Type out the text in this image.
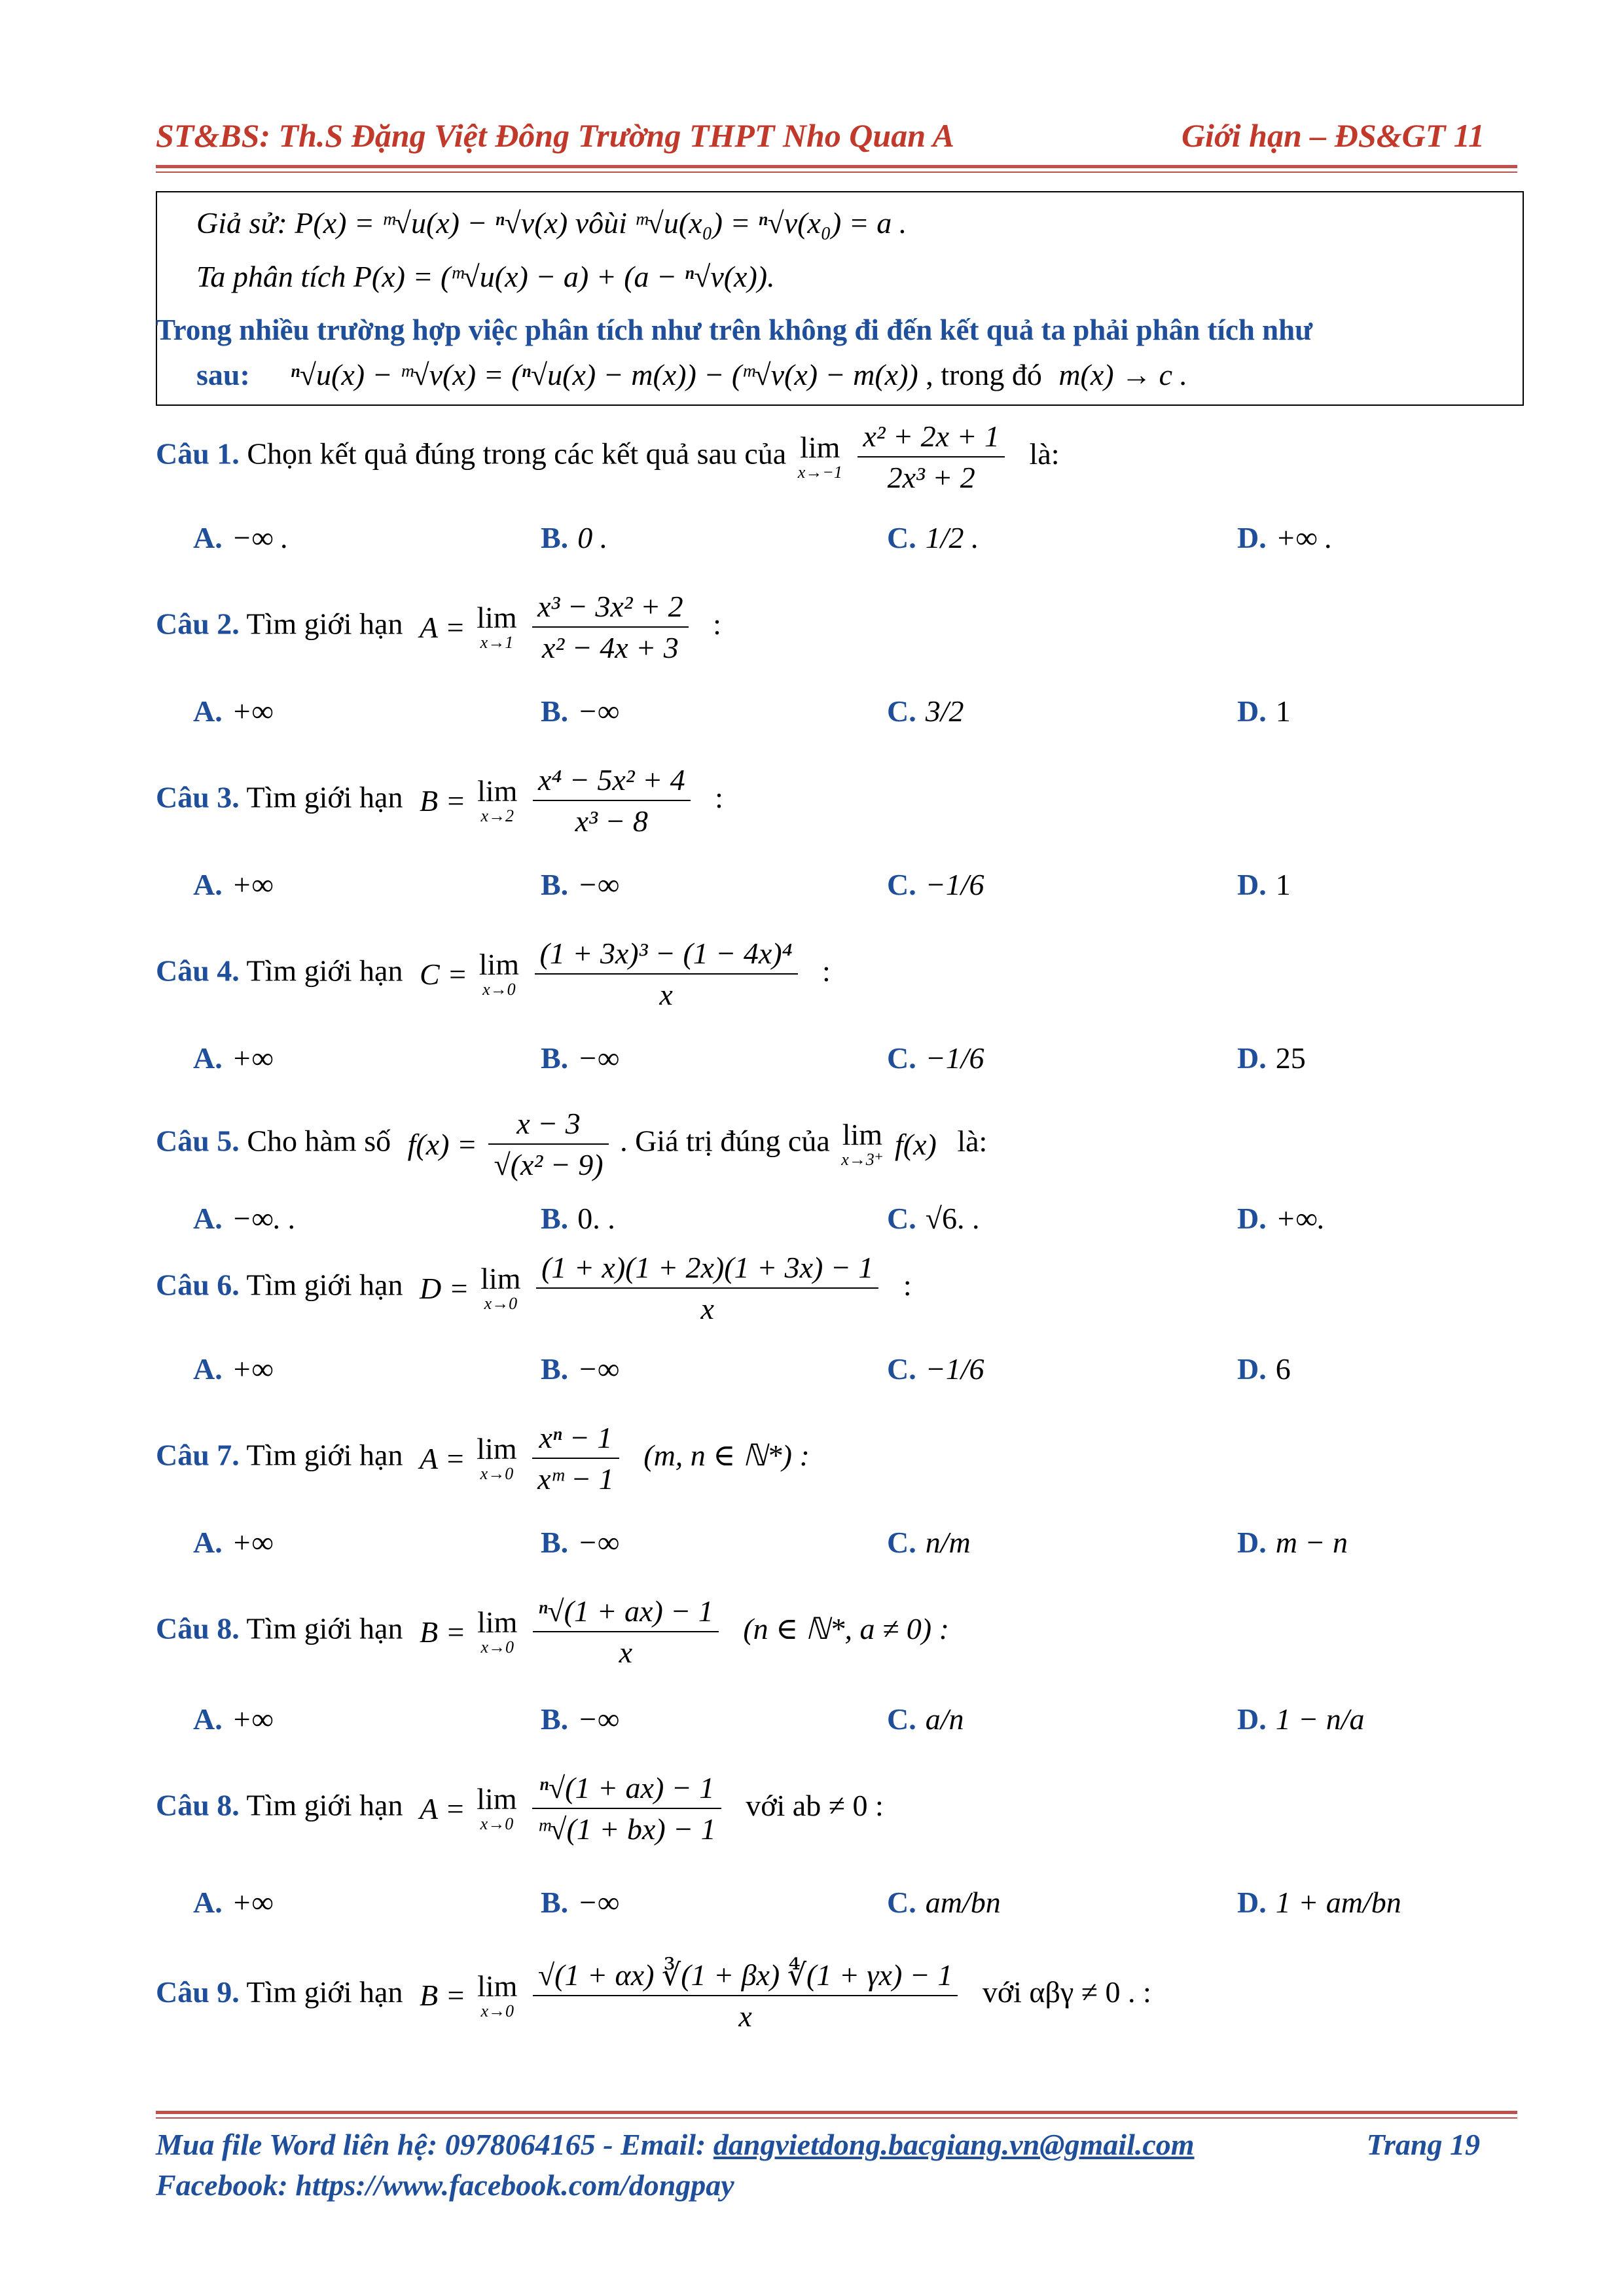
ST&BS: Th.S Đặng Việt Đông Trường THPT Nho Quan A	Giới hạn – ĐS&GT 11
Giả sử: P(x) = ᵐ√u(x) − ⁿ√v(x) vôùi ᵐ√u(x₀) = ⁿ√v(x₀) = a .
Ta phân tích P(x) = (ᵐ√u(x) − a) + (a − ⁿ√v(x)).
Trong nhiều trường hợp việc phân tích như trên không đi đến kết quả ta phải phân tích như
sau: ⁿ√u(x) − ᵐ√v(x) = (ⁿ√u(x) − m(x)) − (ᵐ√v(x) − m(x)) , trong đó m(x) → c .
Câu 1. Chọn kết quả đúng trong các kết quả sau của lim
x→−1
$\frac{\text{x² + 2x + 1}}{\text{2x³ + 2}}$ là:
A. −∞ .	B. 0 .	C. 1/2 .	D. +∞ .
Câu 2. Tìm giới hạn A = lim
x→1
$\frac{\text{x³ − 3x² + 2}}{\text{x² − 4x + 3}}$ :
A. +∞	B. −∞	C. 3/2	D. 1
Câu 3. Tìm giới hạn B = lim
x→2
$\frac{\text{x⁴ − 5x² + 4}}{\text{x³ − 8}}$ :
A. +∞	B. −∞	C. −1/6	D. 1
Câu 4. Tìm giới hạn C = lim
x→0
$\frac{\text{(1 + 3x)³ − (1 − 4x)⁴}}{x}$ :
A. +∞	B. −∞	C. −1/6	D. 25
Câu 5. Cho hàm số $f(x) = \frac{x - 3}{\text{√(x² − 9)}}$ . Giá trị đúng của lim
x→3⁺ f(x) là:
A. −∞. .	B. 0. .	C. √6. .	D. +∞.
Câu 6. Tìm giới hạn D = lim
x→0
$\frac{(1 + x)(1 + 2x)(1 + 3x) - 1}{x}$ :
A. +∞	B. −∞	C. −1/6	D. 6
Câu 7. Tìm giới hạn A = lim
x→0
$\frac{\text{xⁿ − 1}}{\text{xᵐ − 1}} (m$, n ∈ ℕ*) :
A. +∞	B. −∞	C. n/m	D. m − n
Câu 8. Tìm giới hạn B = lim
x→0
$\frac{\text{ⁿ√(1 + ax) − 1}}{x} (n$ ∈ ℕ*, a ≠ 0) :
A. +∞	B. −∞	C. a/n	D. 1 − n/a
Câu 8. Tìm giới hạn A = lim
x→0
$\frac{\text{ⁿ√(1 + ax) − 1}}{\text{ᵐ√(1 + bx) − 1}}$ với ab ≠ 0 :
A. +∞	B. −∞	C. am/bn	D. 1 + am/bn
Câu 9. Tìm giới hạn B = lim
x→0
$\frac{√(1 + \alpha x) ∛(1 + \beta x) ∜(1 + \gamma x) - 1}{x}$ với αβγ ≠ 0 . :
Mua file Word liên hệ: 0978064165 - Email: dangvietdong.bacgiang.vn@gmail.com	Trang 19
Facebook: https://www.facebook.com/dongpay
